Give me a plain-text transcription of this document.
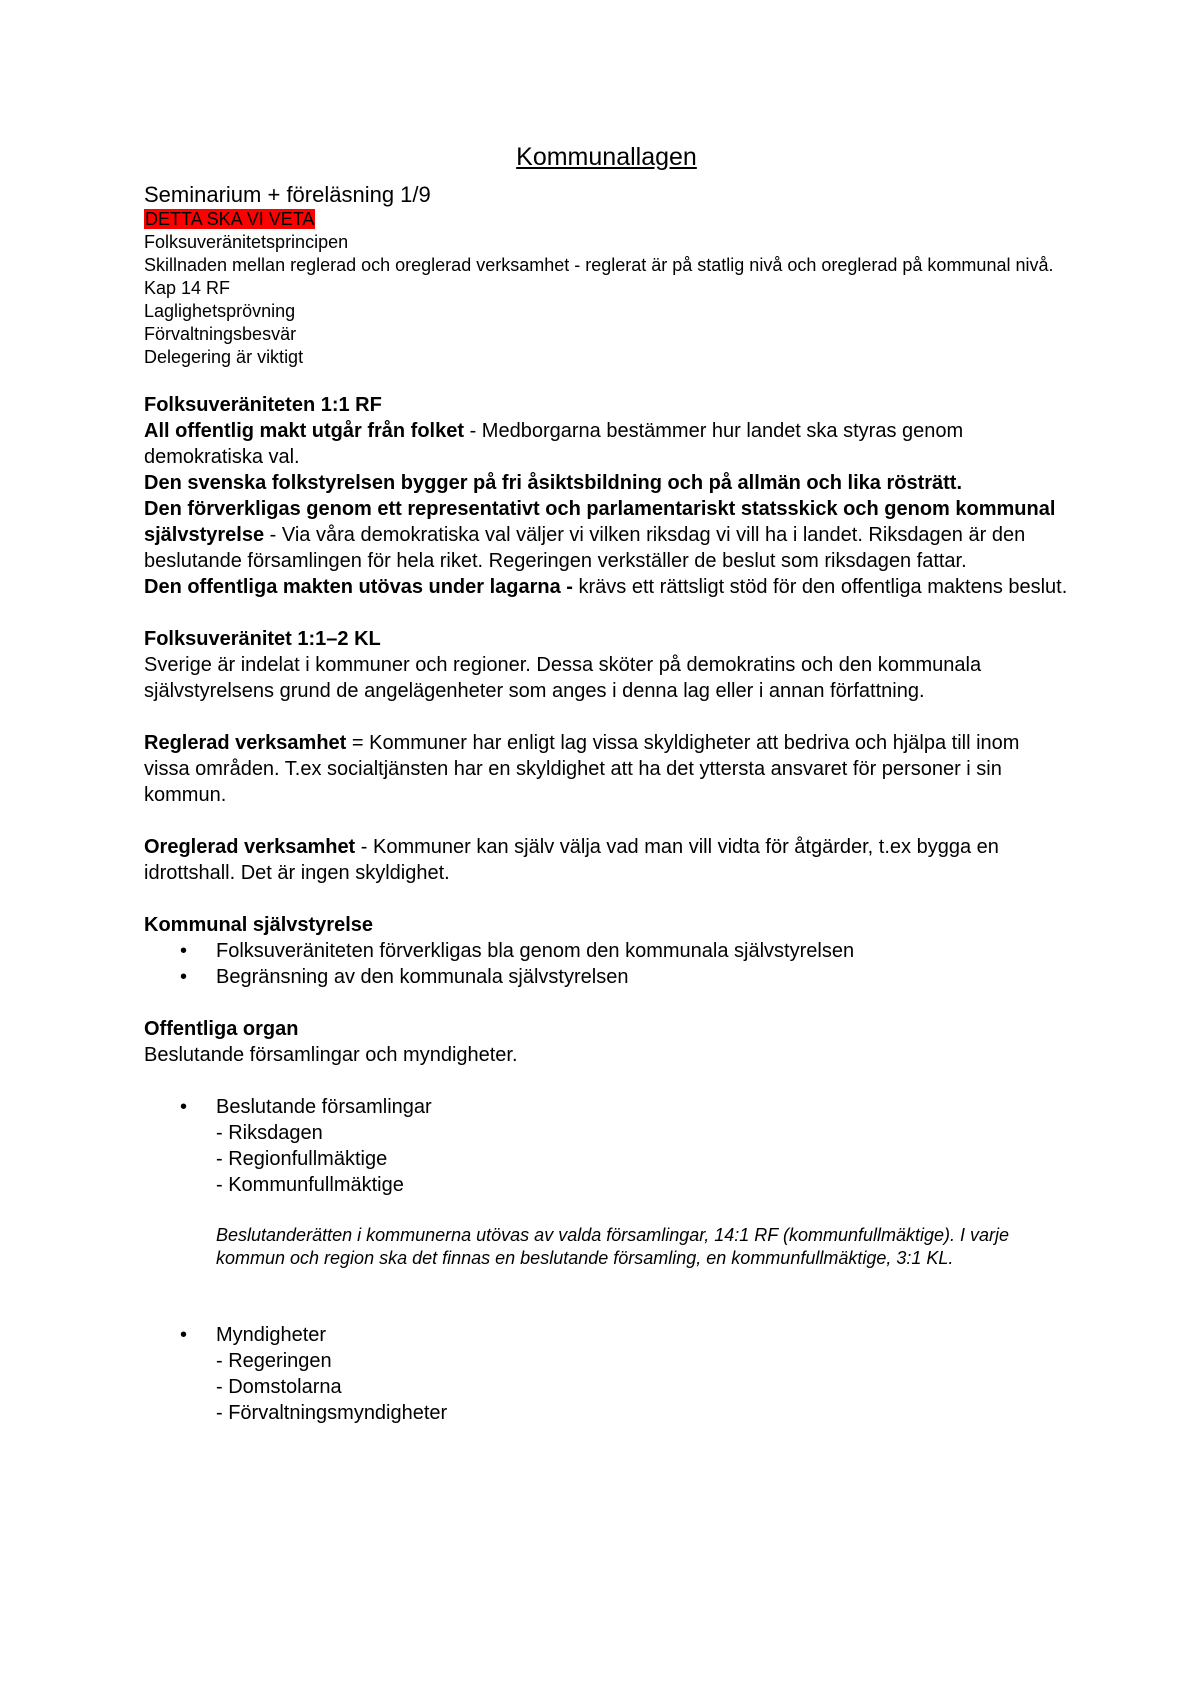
Kommunallagen

Seminarium + föreläsning 1/9

DETTA SKA VI VETA
Folksuveränitetsprincipen
Skillnaden mellan reglerad och oreglerad verksamhet - reglerat är på statlig nivå och oreglerad på kommunal nivå.
Kap 14 RF
Laglighetsprövning
Förvaltningsbesvär
Delegering är viktigt

Folksuveräniteten 1:1 RF

All offentlig makt utgår från folket - Medborgarna bestämmer hur landet ska styras genom demokratiska val.

Den svenska folkstyrelsen bygger på fri åsiktsbildning och på allmän och lika rösträtt.

Den förverkligas genom ett representativt och parlamentariskt statsskick och genom kommunal självstyrelse - Via våra demokratiska val väljer vi vilken riksdag vi vill ha i landet. Riksdagen är den beslutande församlingen för hela riket. Regeringen verkställer de beslut som riksdagen fattar.

Den offentliga makten utövas under lagarna - krävs ett rättsligt stöd för den offentliga maktens beslut.

Folksuveränitet 1:1–2 KL

Sverige är indelat i kommuner och regioner. Dessa sköter på demokratins och den kommunala självstyrelsens grund de angelägenheter som anges i denna lag eller i annan författning.

Reglerad verksamhet = Kommuner har enligt lag vissa skyldigheter att bedriva och hjälpa till inom vissa områden. T.ex socialtjänsten har en skyldighet att ha det yttersta ansvaret för personer i sin kommun.

Oreglerad verksamhet - Kommuner kan själv välja vad man vill vidta för åtgärder, t.ex bygga en idrottshall. Det är ingen skyldighet.

Kommunal självstyrelse

• Folksuveräniteten förverkligas bla genom den kommunala självstyrelsen
• Begränsning av den kommunala självstyrelsen

Offentliga organ

Beslutande församlingar och myndigheter.

• Beslutande församlingar
- Riksdagen
- Regionfullmäktige
- Kommunfullmäktige

Beslutanderätten i kommunerna utövas av valda församlingar, 14:1 RF (kommunfullmäktige). I varje kommun och region ska det finnas en beslutande församling, en kommunfullmäktige, 3:1 KL.

• Myndigheter
- Regeringen
- Domstolarna
- Förvaltningsmyndigheter
